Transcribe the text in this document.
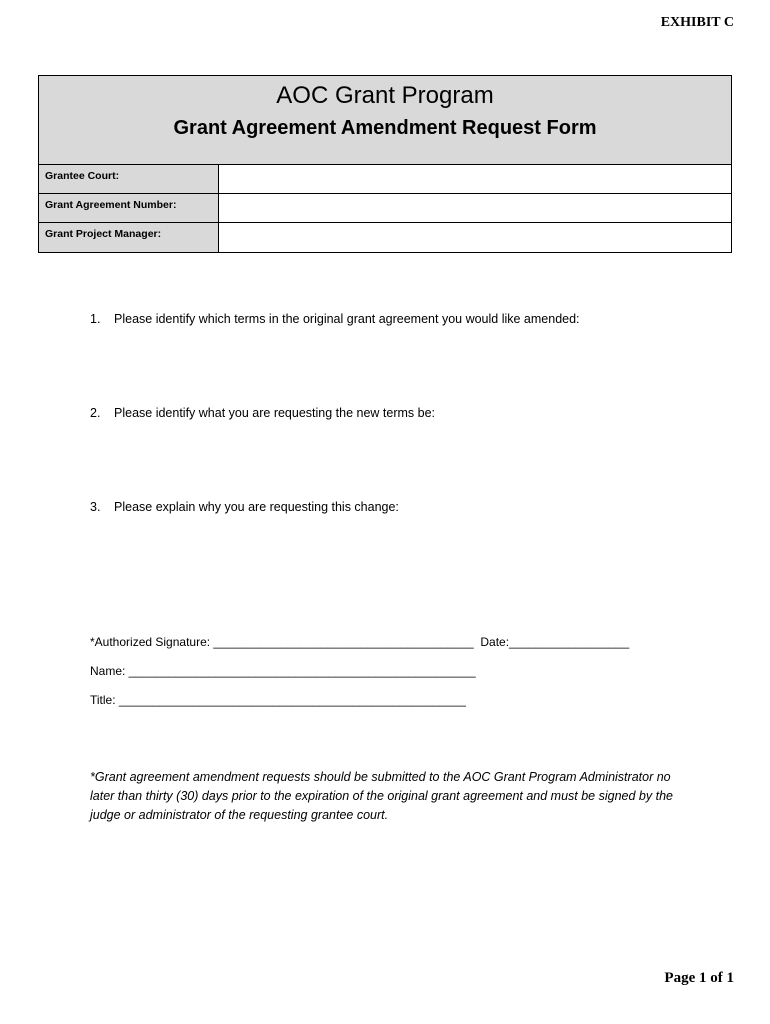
EXHIBIT C
AOC Grant Program
Grant Agreement Amendment Request Form
Grantee Court:
Grant Agreement Number:
Grant Project Manager:
1. Please identify which terms in the original grant agreement you would like amended:
2. Please identify what you are requesting the new terms be:
3. Please explain why you are requesting this change:
*Authorized Signature: _______________________________________  Date:__________________
Name: ____________________________________________________
Title: ____________________________________________________
*Grant agreement amendment requests should be submitted to the AOC Grant Program Administrator no later than thirty (30) days prior to the expiration of the original grant agreement and must be signed by the judge or administrator of the requesting grantee court.
Page 1 of 1
